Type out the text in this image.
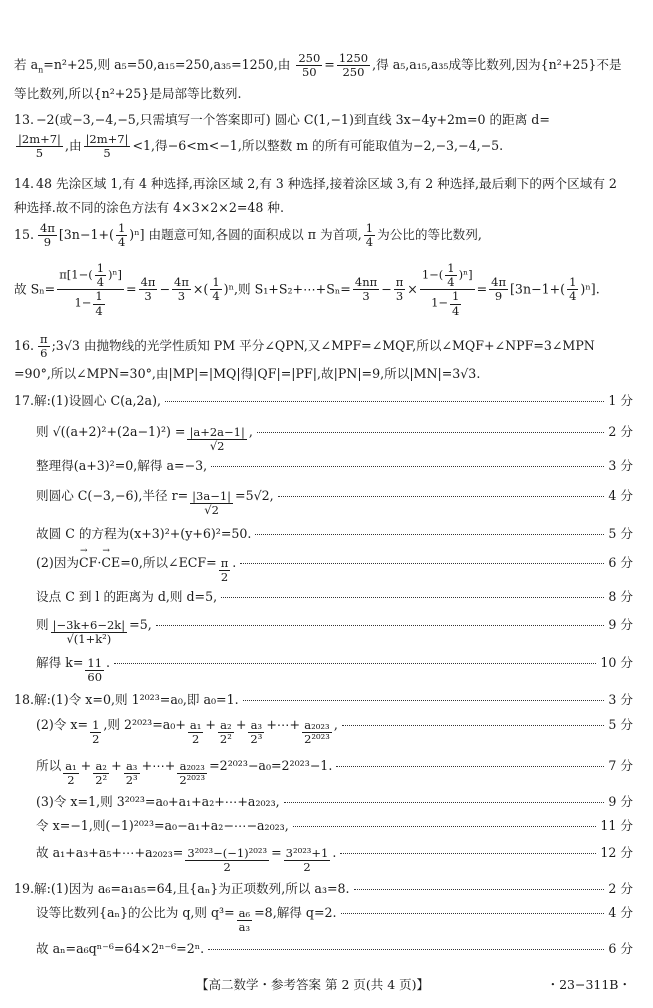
若 $a_n=n^2+25$,则 a₅=50,a₁₅=250,a₃₅=1250,由 $\frac{250}{50} = \frac{1250}{250}$ ,得 a₅,a₁₅,a₃₅成等比数列,因为{n²+25}不是
等比数列,所以{n²+25}是局部等比数列.
13. −2(或−3,−4,−5,只需填写一个答案即可) 圆心 C(1,−1)到直线 3x−4y+2m=0 的距离 d=
$\frac{|2m+7|}{5}$ ,由 $\frac{|2m+7|}{5} <1$,得−6<m<−1,所以整数 m 的所有可能取值为−2,−3,−4,−5.
14. 48 先涂区域 1,有 4 种选择,再涂区域 2,有 3 种选择,接着涂区域 3,有 2 种选择,最后剩下的两个区域有 2
种选择.故不同的涂色方法有 4×3×2×2=48 种.
15. $\frac{4\pi}{9} [3n-1+( \frac{1}{4} )^n]$ 由题意可知,各圆的面积成以 π 为首项, $\frac{1}{4}$ 为公比的等比数列,
故 $S_n= \frac{\pi[1-( \frac{1}{4} )^n]}{1- \frac{1}{4}} = \frac{4\pi}{3} - \frac{4\pi}{3}$ ×( $\frac{1}{4} )^n$,则 S₁+S₂+⋯+Sₙ= $\frac{4n\pi}{3} - \frac{\pi}{3} \times \frac{1-( \frac{1}{4} )^n]}{1- \frac{1}{4}} = \frac{4\pi}{9} [3n-1+( \frac{1}{4} )^n]$.
16. $\frac{\pi}{6}$ ;3√3 由抛物线的光学性质知 PM 平分∠QPN,又∠MPF=∠MQF,所以∠MQF+∠NPF=3∠MPN
=90°,所以∠MPN=30°,由|MP|=|MQ|得|QF|=|PF|,故|PN|=9,所以|MN|=3√3.
17.解:(1)设圆心 C(a,2a),	1 分
则 $√((a+2)^2+(2a-1)^2) = \frac{|a+2a-1|}{√2}$ ,	2 分
整理得(a+3)²=0,解得 a=−3,	3 分
则圆心 C(−3,−6),半径 $r= \frac{|3a-1|}{√2} =5√2$,	4 分
故圆 C 的方程为(x+3)²+(y+6)²=50.	5 分
(2)因为 → CF · → CE =0,所以∠ECF= $\frac{\pi}{2}$ .	6 分
设点 C 到 l 的距离为 d,则 d=5,	8 分
则 $\frac{|-3k+6-2k|}{\text{√(1+k²)}} =5$,	9 分
解得 $k= \frac{11}{60}$ .	10 分
18.解:(1)令 x=0,则 1²⁰²³=a₀,即 a₀=1.	3 分
(2)令 $x= \frac{1}{2}$ ,则 $2^{2023}=a_0+ \frac{\text{a₁}}{2} + \frac{\text{a₂}}{\text{2²}} + \frac{\text{a₃}}{\text{2³}}$ +⋯+ $\frac{\text{a₂₀₂₃}}{\text{2²⁰²³}}$ ,	5 分
所以 $\frac{\text{a₁}}{2} + \frac{\text{a₂}}{\text{2²}} + \frac{\text{a₃}}{\text{2³}}$ +⋯+ $\frac{\text{a₂₀₂₃}}{\text{2²⁰²³}} =2^{2023}-a_0=2^{2023}-1$.	7 分
(3)令 x=1,则 3²⁰²³=a₀+a₁+a₂+⋯+a₂₀₂₃,	9 分
令 x=−1,则(−1)²⁰²³=a₀−a₁+a₂−⋯−a₂₀₂₃,	11 分
故 a₁+a₃+a₅+⋯+a₂₀₂₃= $\frac{\text{3²⁰²³−(−1)²⁰²³}}{2} = \frac{\text{3²⁰²³+1}}{2}$ .	12 分
19.解:(1)因为 a₆=a₁a₅=64,且{aₙ}为正项数列,所以 a₃=8.	2 分
设等比数列{aₙ}的公比为 q,则 $q^3= \frac{\text{a₆}}{\text{a₃}} =8$,解得 q=2.	4 分
故 aₙ=a₆qⁿ⁻⁶=64×2ⁿ⁻⁶=2ⁿ.	6 分
【高二数学・参考答案 第 2 页(共 4 页)】	・23−311B・
